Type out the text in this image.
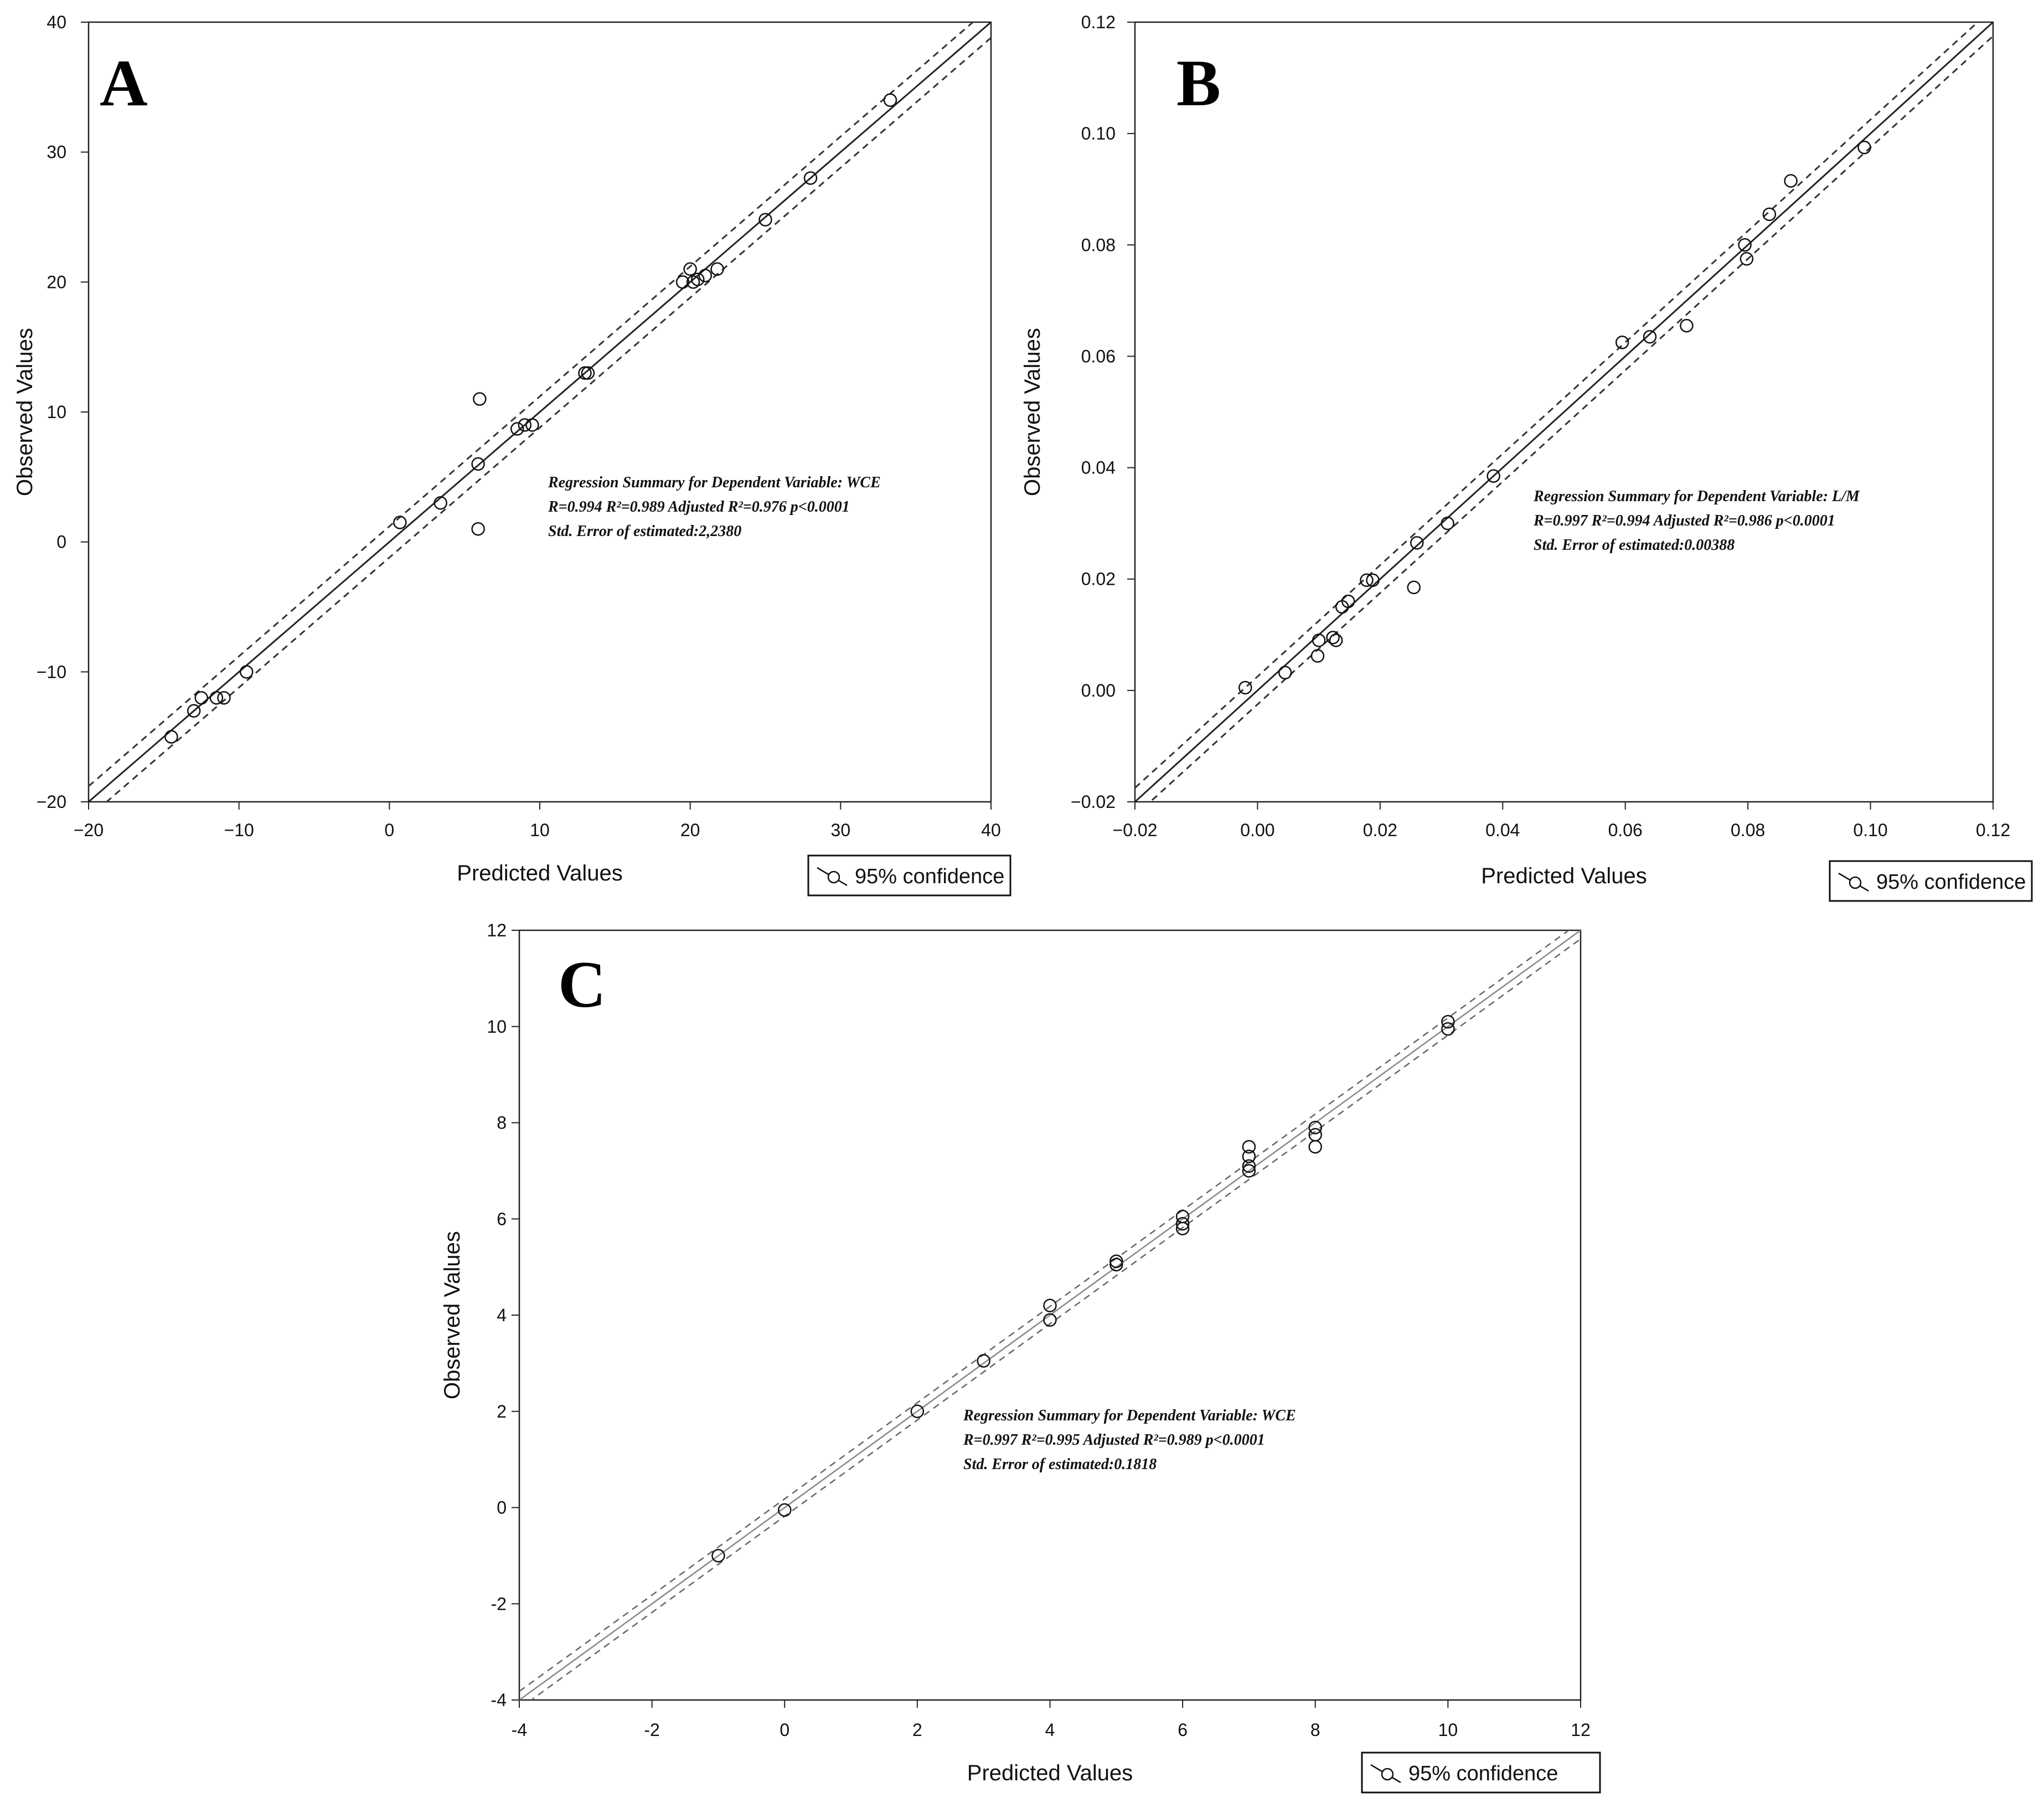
−20	−10	0	10	20	30	40
−20
−10
0
10
20
30
40
Predicted Values
Observed Values
A
Regression Summary for Dependent Variable: WCE
R=0.994 R²=0.989 Adjusted R²=0.976 p<0.0001
Std. Error of estimated:2,2380
95% confidence
−0.02	0.00	0.02	0.04	0.06	0.08	0.10	0.12
−0.02
0.00
0.02
0.04
0.06
0.08
0.10
0.12
Predicted Values
Observed Values
B
Regression Summary for Dependent Variable: L/M
R=0.997 R²=0.994 Adjusted R²=0.986 p<0.0001
Std. Error of estimated:0.00388
95% confidence
-4	-2	0	2	4	6	8	10	12
-4
-2
0
2
4
6
8
10
12
Predicted Values
Observed Values
C
Regression Summary for Dependent Variable: WCE
R=0.997 R²=0.995 Adjusted R²=0.989 p<0.0001
Std. Error of estimated:0.1818
95% confidence
